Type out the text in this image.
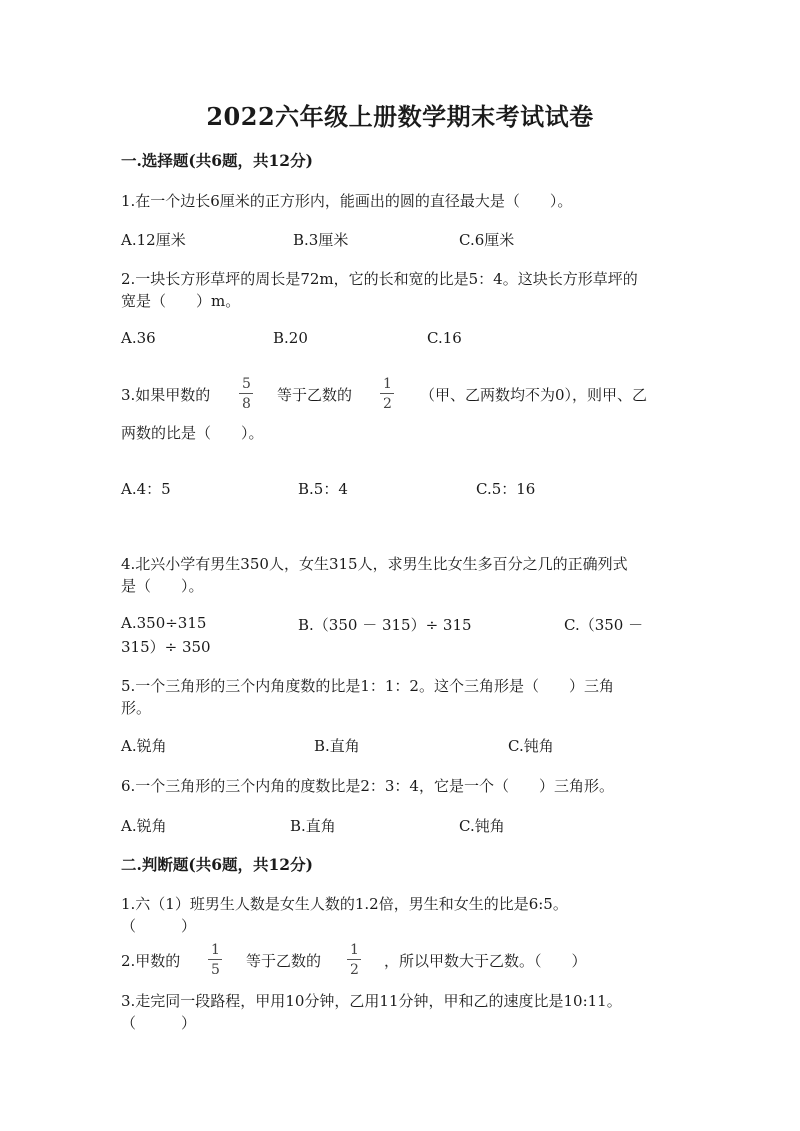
2022六年级上册数学期末考试试卷
一.选择题(共6题，共12分)
1.在一个边长6厘米的正方形内，能画出的圆的直径最大是（　　）。
A.12厘米	B.3厘米	C.6厘米
2.一块长方形草坪的周长是72m，它的长和宽的比是5：4。这块长方形草坪的
宽是（　　）m。
A.36	B.20	C.16
3.如果甲数的
5
8 等于乙数的
1
2 （甲、乙两数均不为0），则甲、乙
两数的比是（　　）。
A.4：5	B.5：4	C.5：16
4.北兴小学有男生350人，女生315人，求男生比女生多百分之几的正确列式
是（　　）。
A.350÷315	B.（350 － 315）÷ 315	C.（350 －
315）÷ 350
5.一个三角形的三个内角度数的比是1：1：2。这个三角形是（　　）三角
形。
A.锐角	B.直角	C.钝角
6.一个三角形的三个内角的度数比是2：3：4，它是一个（　　）三角形。
A.锐角	B.直角	C.钝角
二.判断题(共6题，共12分)
1.六（1）班男生人数是女生人数的1.2倍，男生和女生的比是6:5。
（　　　）
2.甲数的
1
5 等于乙数的
1
2 ，所以甲数大于乙数。（　　）
3.走完同一段路程，甲用10分钟，乙用11分钟，甲和乙的速度比是10:11。
（　　　）
